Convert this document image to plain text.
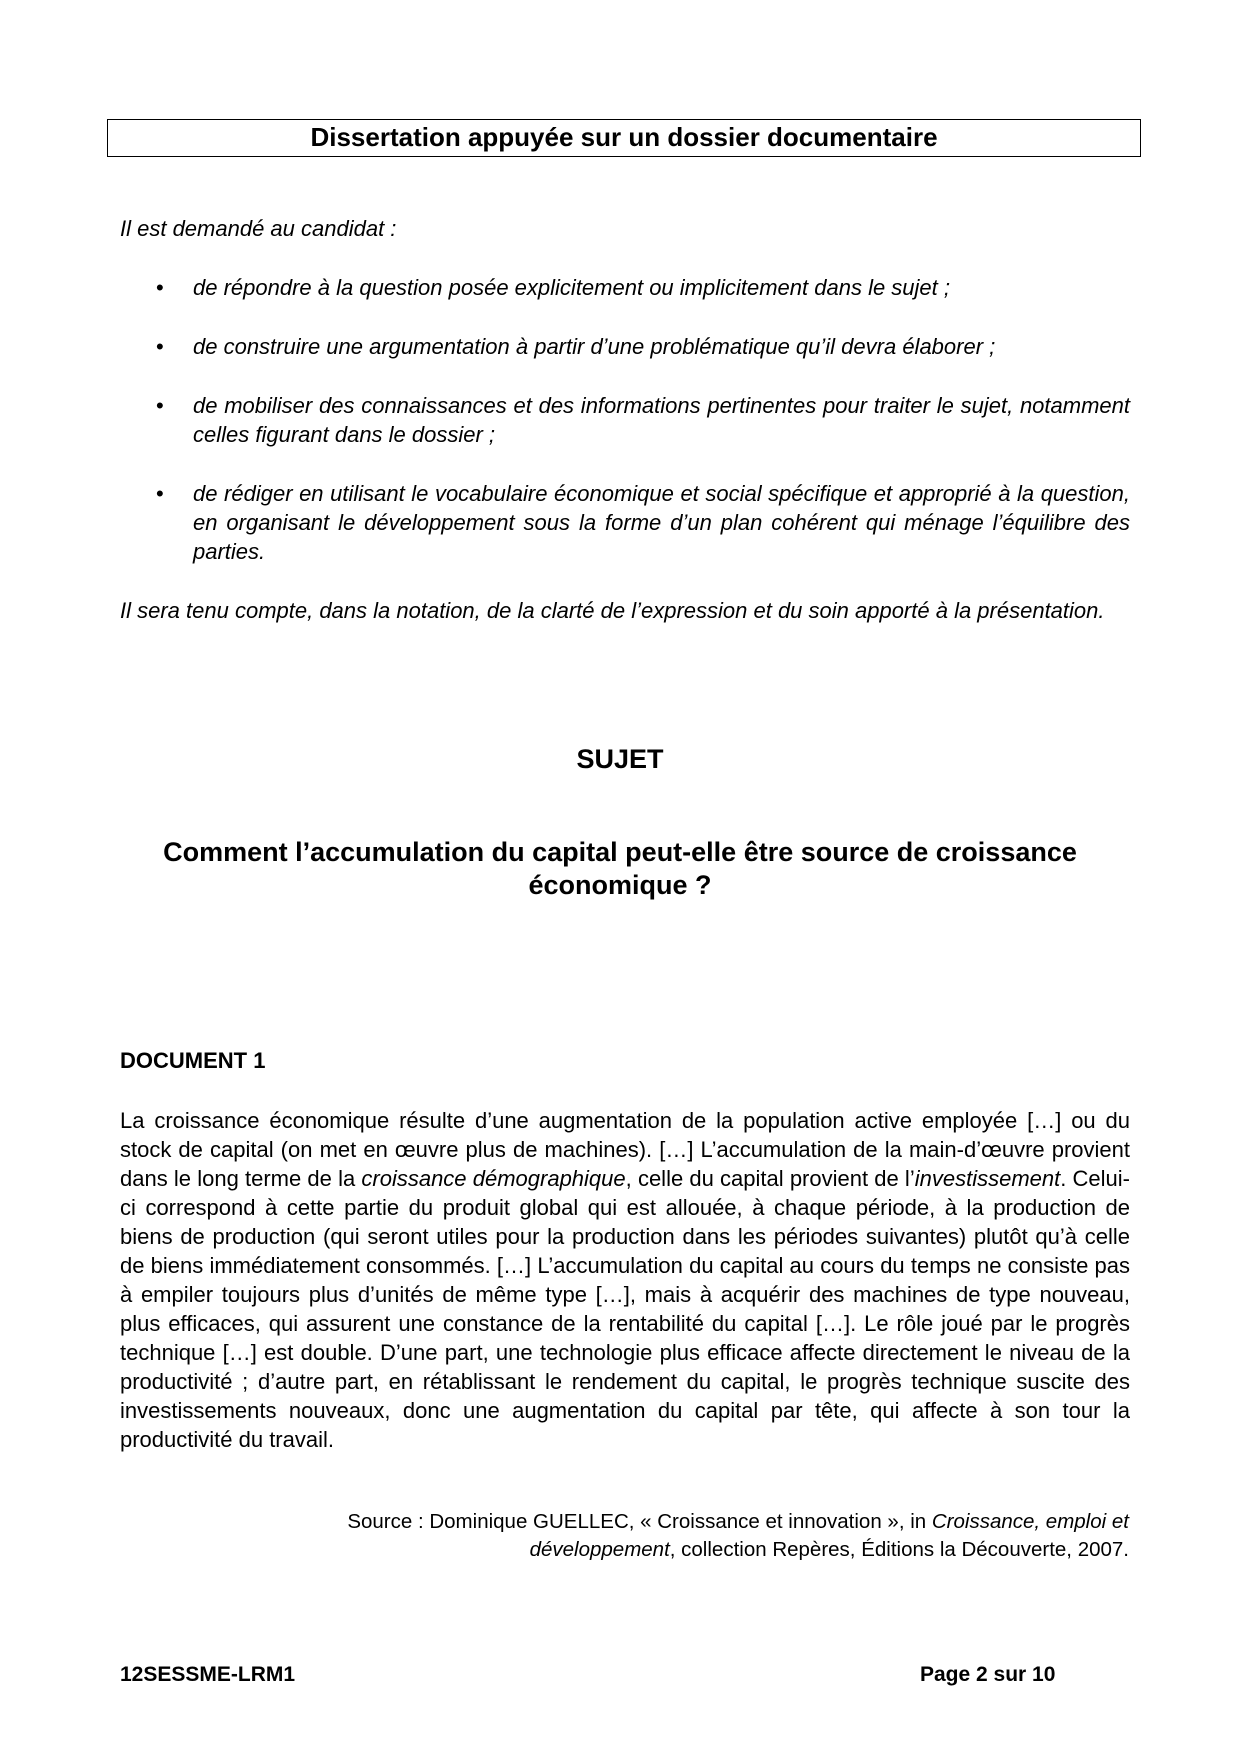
Dissertation appuyée sur un dossier documentaire

Il est demandé au candidat :

• de répondre à la question posée explicitement ou implicitement dans le sujet ;
• de construire une argumentation à partir d’une problématique qu’il devra élaborer ;
• de mobiliser des connaissances et des informations pertinentes pour traiter le sujet, notamment celles figurant dans le dossier ;
• de rédiger en utilisant le vocabulaire économique et social spécifique et approprié à la question, en organisant le développement sous la forme d’un plan cohérent qui ménage l’équilibre des parties.

Il sera tenu compte, dans la notation, de la clarté de l’expression et du soin apporté à la présentation.

SUJET
Comment l’accumulation du capital peut-elle être source de croissance économique ?
DOCUMENT 1

La croissance économique résulte d’une augmentation de la population active employée […] ou du stock de capital (on met en œuvre plus de machines). […] L’accumulation de la main-d’œuvre provient dans le long terme de la croissance démographique, celle du capital provient de l’investissement. Celui-ci correspond à cette partie du produit global qui est allouée, à chaque période, à la production de biens de production (qui seront utiles pour la production dans les périodes suivantes) plutôt qu’à celle de biens immédiatement consommés. […] L’accumulation du capital au cours du temps ne consiste pas à empiler toujours plus d’unités de même type […], mais à acquérir des machines de type nouveau, plus efficaces, qui assurent une constance de la rentabilité du capital […]. Le rôle joué par le progrès technique […] est double. D’une part, une technologie plus efficace affecte directement le niveau de la productivité ; d’autre part, en rétablissant le rendement du capital, le progrès technique suscite des investissements nouveaux, donc une augmentation du capital par tête, qui affecte à son tour la productivité du travail.

Source : Dominique GUELLEC, « Croissance et innovation », in Croissance, emploi et développement, collection Repères, Éditions la Découverte, 2007.
12SESSME-LRM1	Page 2 sur 10
